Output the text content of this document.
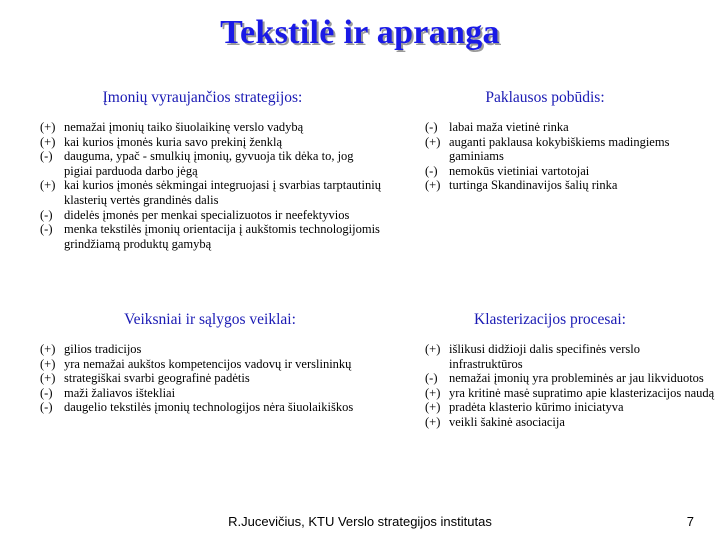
Tekstilė ir apranga
Įmonių vyraujančios strategijos:
(+) nemažai įmonių taiko šiuolaikinę verslo vadybą
(+) kai kurios įmonės kuria savo prekinį ženklą
(-) dauguma, ypač - smulkių įmonių, gyvuoja tik dėka to, jog pigiai parduoda darbo jėgą
(+) kai kurios įmonės sėkmingai integruojasi į svarbias tarptautinių klasterių vertės grandinės dalis
(-) didelės įmonės per menkai specializuotos ir neefektyvios
(-) menka tekstilės įmonių orientacija į aukštomis technologijomis grindžiamą produktų gamybą
Paklausos pobūdis:
(-) labai maža vietinė rinka
(+) auganti paklausa kokybiškiems madingiems gaminiams
(-) nemokūs vietiniai vartotojai
(+) turtinga Skandinavijos šalių rinka
Veiksniai ir sąlygos veiklai:
(+) gilios tradicijos
(+) yra nemažai aukštos kompetencijos vadovų ir verslininkų
(+) strategiškai svarbi geografinė padėtis
(-) maži žaliavos ištekliai
(-) daugelio tekstilės įmonių technologijos nėra šiuolaikiškos
Klasterizacijos procesai:
(+) išlikusi didžioji dalis specifinės verslo infrastruktūros
(-) nemažai įmonių yra probleminės ar jau likviduotos
(+) yra kritinė masė supratimo apie klasterizacijos naudą
(+) pradėta klasterio kūrimo iniciatyva
(+) veikli šakinė asociacija
R.Jucevičius, KTU Verslo strategijos institutas	7
